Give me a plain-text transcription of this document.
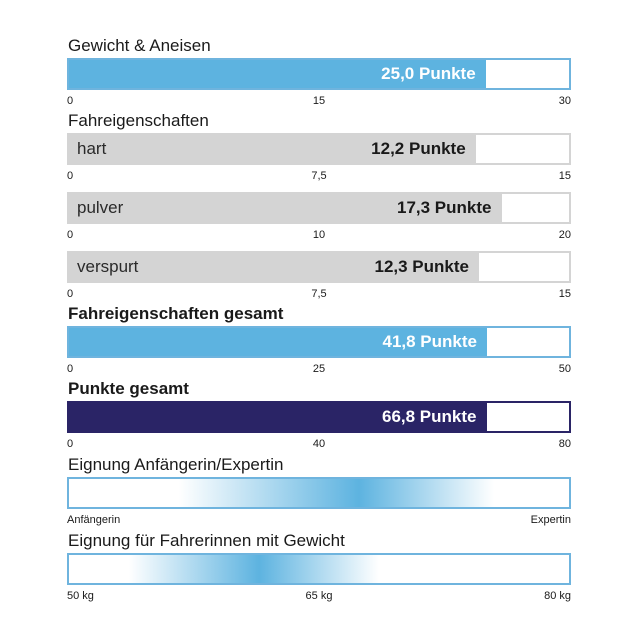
Gewicht & Aneisen
25,0 Punkte
0	15	30
Fahreigenschaften
hart	12,2 Punkte
0	7,5	15
pulver	17,3 Punkte
0	10	20
verspurt	12,3 Punkte
0	7,5	15
Fahreigenschaften gesamt
41,8 Punkte
0	25	50
Punkte gesamt
66,8 Punkte
0	40	80
Eignung Anfängerin/Expertin
Anfängerin	Expertin
Eignung für Fahrerinnen mit Gewicht
50 kg	65 kg	80 kg
